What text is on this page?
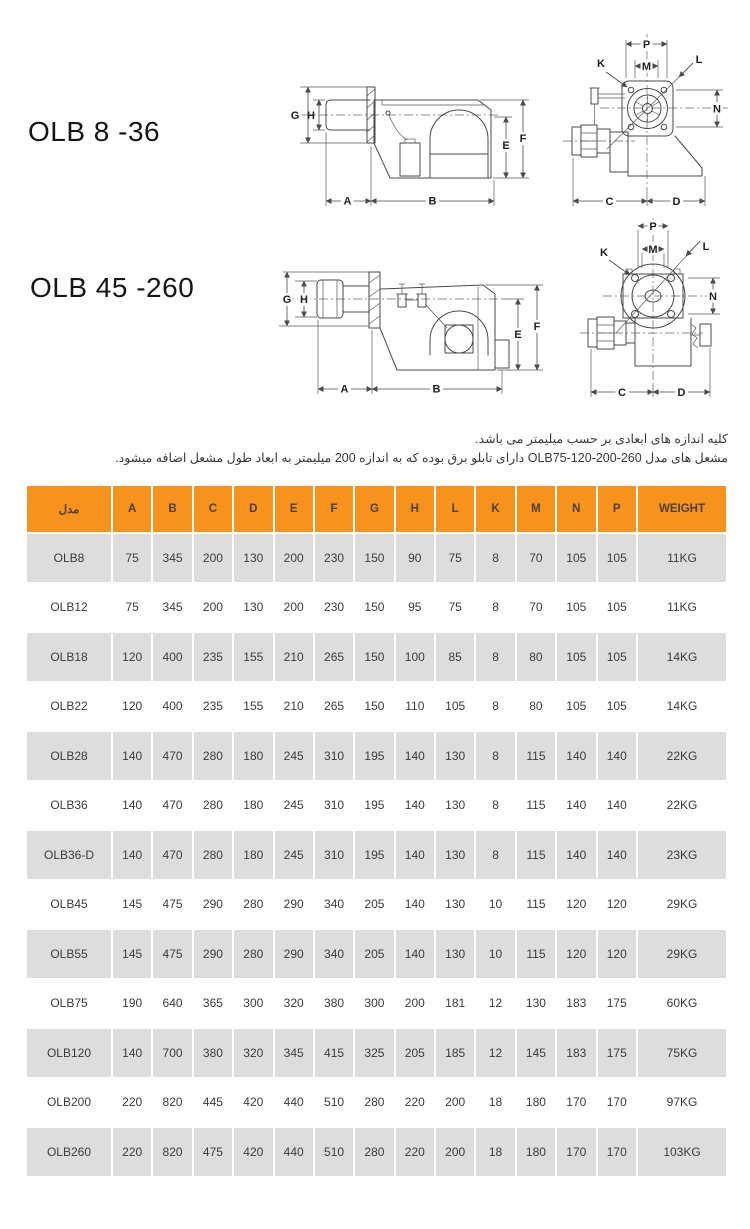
OLB 8 -36
OLB 45 -260
G H
E
F
A	B
P
M
K	L
N
C	D
G H
E
F
A	B
P
M
K	L
N
C	D

کلیه اندازه های ابعادی بر حسب میلیمتر می باشد.

مشعل های مدل OLB75-120-200-260 دارای تابلو برق بوده که به اندازه 200 میلیمتر به ابعاد طول مشعل اضافه میشود.

مدل	A	B	C	D	E	F	G	H	L	K	M	N	P	WEIGHT
OLB8	75	345	200	130	200	230	150	90	75	8	70	105	105	11KG
OLB12	75	345	200	130	200	230	150	95	75	8	70	105	105	11KG
OLB18	120	400	235	155	210	265	150	100	85	8	80	105	105	14KG
OLB22	120	400	235	155	210	265	150	110	105	8	80	105	105	14KG
OLB28	140	470	280	180	245	310	195	140	130	8	115	140	140	22KG
OLB36	140	470	280	180	245	310	195	140	130	8	115	140	140	22KG
OLB36-D	140	470	280	180	245	310	195	140	130	8	115	140	140	23KG
OLB45	145	475	290	280	290	340	205	140	130	10	115	120	120	29KG
OLB55	145	475	290	280	290	340	205	140	130	10	115	120	120	29KG
OLB75	190	640	365	300	320	380	300	200	181	12	130	183	175	60KG
OLB120	140	700	380	320	345	415	325	205	185	12	145	183	175	75KG
OLB200	220	820	445	420	440	510	280	220	200	18	180	170	170	97KG
OLB260	220	820	475	420	440	510	280	220	200	18	180	170	170	103KG
